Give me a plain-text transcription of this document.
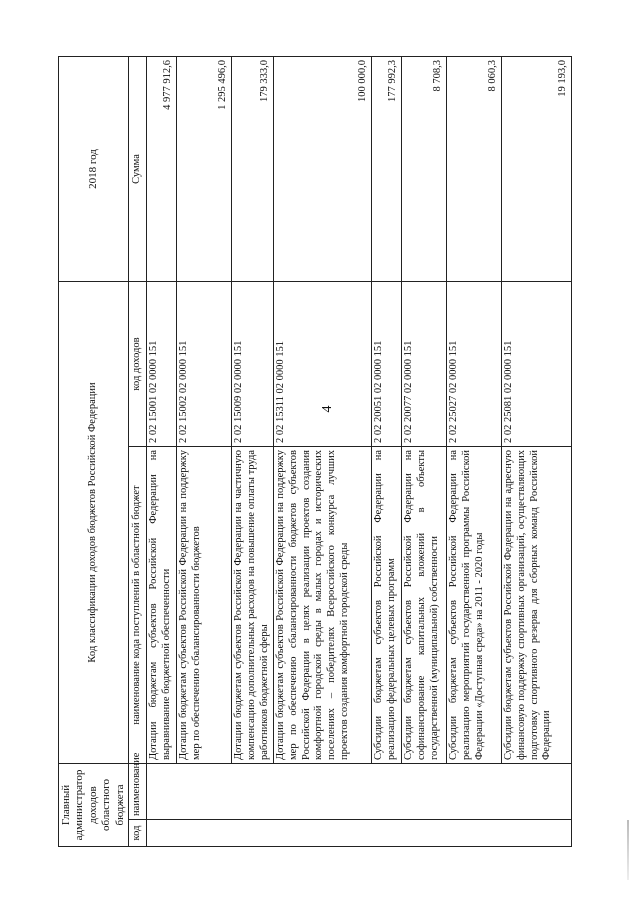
4
Главный администратор доходов областного бюджета		Код классификации доходов бюджетов Российской Федерации		2018 год
код	наименование	наименование кода поступлений в областной бюджет	код доходов	Сумма
		Дотации бюджетам субъектов Российской Федерации на выравнивание бюджетной обеспеченности	2 02 15001 02 0000 151	4 977 912,6
		Дотации бюджетам субъектов Российской Федерации на поддержку мер по обеспечению сбалансированности бюджетов	2 02 15002 02 0000 151	1 295 496,0
		Дотации бюджетам субъектов Российской Федерации на частичную компенсацию дополнительных расходов на повышение оплаты труда работников бюджетной сферы	2 02 15009 02 0000 151	179 333,0
		Дотации бюджетам субъектов Российской Федерации на поддержку мер по обеспечению сбалансированности бюджетов субъектов Российской Федерации в целях реализации проектов создания комфортной городской среды в малых городах и исторических поселениях – победителях Всероссийского конкурса лучших проектов создания комфортной городской среды	2 02 15311 02 0000 151	100 000,0
		Субсидии бюджетам субъектов Российской Федерации на реализацию федеральных целевых программ	2 02 20051 02 0000 151	177 992,3
		Субсидии бюджетам субъектов Российской Федерации на софинансирование капитальных вложений в объекты государственной (муниципальной) собственности	2 02 20077 02 0000 151	8 708,3
		Субсидии бюджетам субъектов Российской Федерации на реализацию мероприятий государственной программы Российской Федерации «Доступная среда» на 2011 - 2020 годы	2 02 25027 02 0000 151	8 060,3
		Субсидии бюджетам субъектов Российской Федерации на адресную финансовую поддержку спортивных организаций, осуществляющих подготовку спортивного резерва для сборных команд Российской Федерации	2 02 25081 02 0000 151	19 193,0
